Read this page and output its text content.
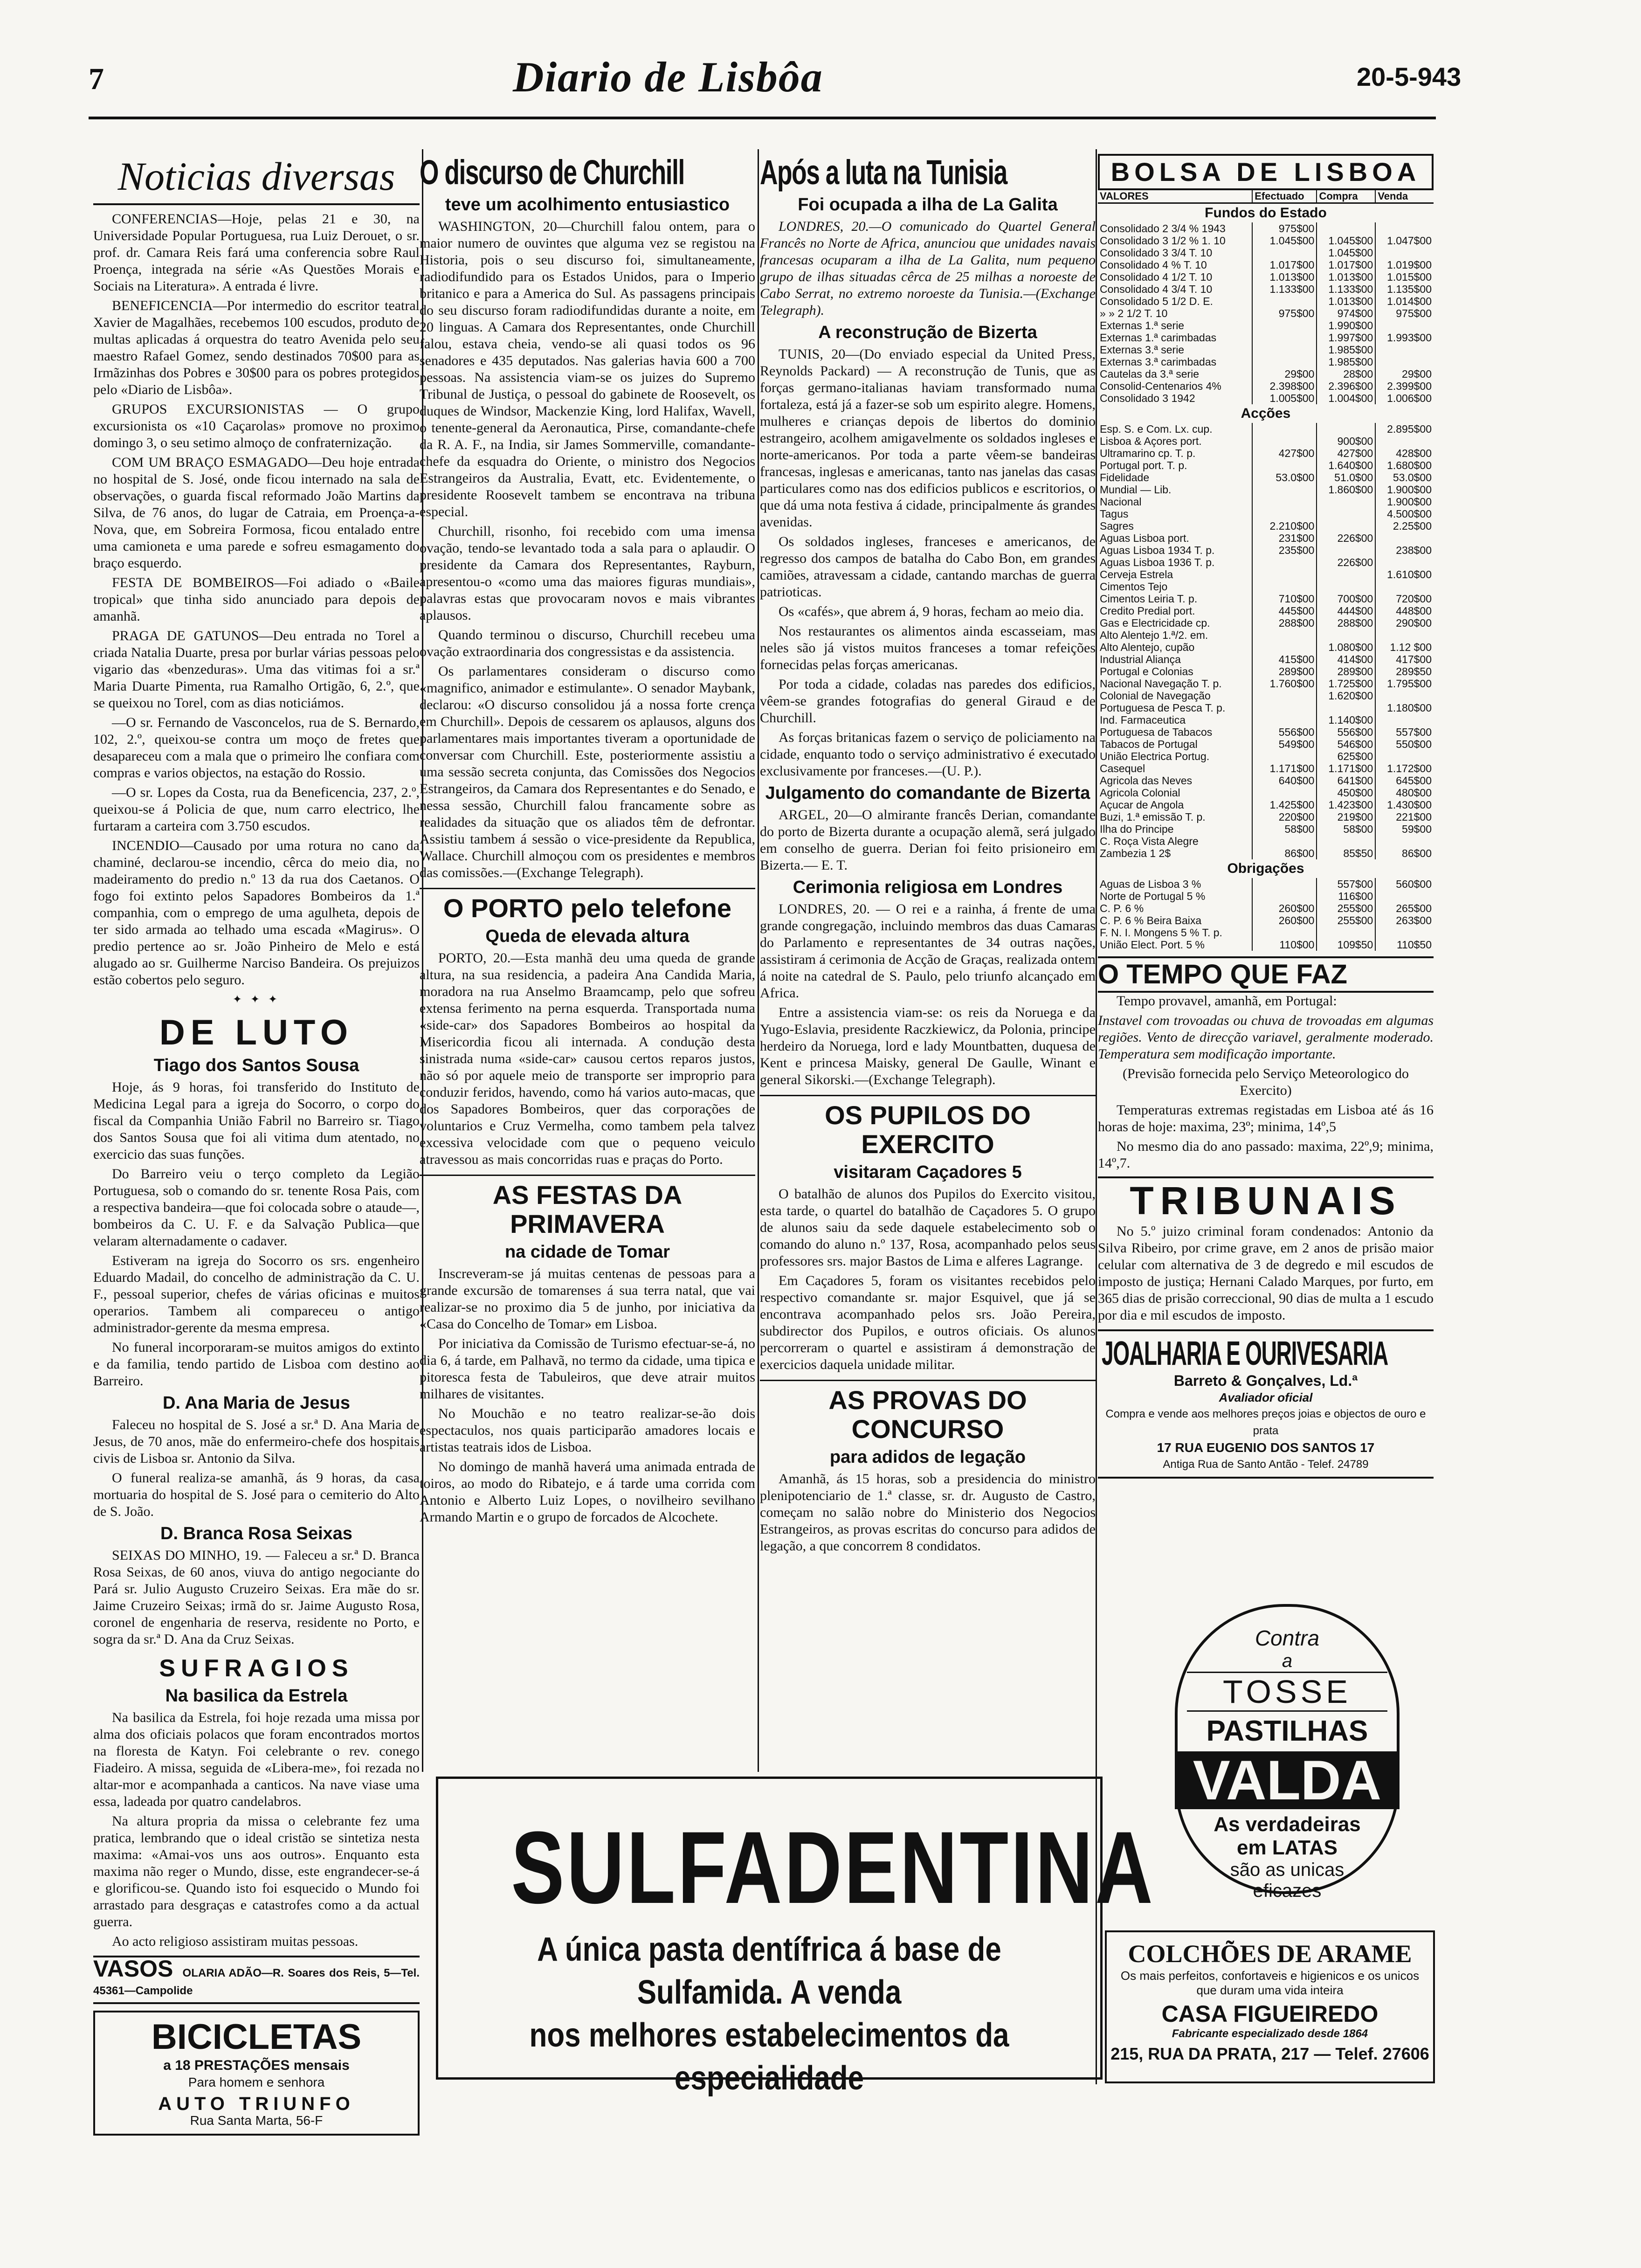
7	Diario de Lisbôa	20-5-943
Noticias diversas

CONFERENCIAS—Hoje, pelas 21 e 30, na Universidade Popular Portuguesa, rua Luiz Derouet, o sr. prof. dr. Camara Reis fará uma conferencia sobre Raul Proença, integrada na série «As Questões Morais e Sociais na Literatura». A entrada é livre.

BENEFICENCIA—Por intermedio do escritor teatral Xavier de Magalhães, recebemos 100 escudos, produto de multas aplicadas á orquestra do teatro Avenida pelo seu maestro Rafael Gomez, sendo destinados 70$00 para as Irmãzinhas dos Pobres e 30$00 para os pobres protegidos pelo «Diario de Lisbôa».

GRUPOS EXCURSIONISTAS — O grupo excursionista os «10 Caçarolas» promove no proximo domingo 3, o seu setimo almoço de confraternização.

COM UM BRAÇO ESMAGADO—Deu hoje entrada no hospital de S. José, onde ficou internado na sala de observações, o guarda fiscal reformado João Martins da Silva, de 76 anos, do lugar de Catraia, em Proença-a-Nova, que, em Sobreira Formosa, ficou entalado entre uma camioneta e uma parede e sofreu esmagamento do braço esquerdo.

FESTA DE BOMBEIROS—Foi adiado o «Baile tropical» que tinha sido anunciado para depois de amanhã.

PRAGA DE GATUNOS—Deu entrada no Torel a criada Natalia Duarte, presa por burlar várias pessoas pelo vigario das «benzeduras». Uma das vitimas foi a sr.ª Maria Duarte Pimenta, rua Ramalho Ortigão, 6, 2.º, que se queixou no Torel, com as dias noticiámos.

—O sr. Fernando de Vasconcelos, rua de S. Bernardo, 102, 2.º, queixou-se contra um moço de fretes que desapareceu com a mala que o primeiro lhe confiara com compras e varios objectos, na estação do Rossio.

—O sr. Lopes da Costa, rua da Beneficencia, 237, 2.º, queixou-se á Policia de que, num carro electrico, lhe furtaram a carteira com 3.750 escudos.

INCENDIO—Causado por uma rotura no cano da chaminé, declarou-se incendio, cêrca do meio dia, no madeiramento do predio n.º 13 da rua dos Caetanos. O fogo foi extinto pelos Sapadores Bombeiros da 1.ª companhia, com o emprego de uma agulheta, depois de ter sido armada ao telhado uma escada «Magirus». O predio pertence ao sr. João Pinheiro de Melo e está alugado ao sr. Guilherme Narciso Bandeira. Os prejuizos estão cobertos pelo seguro.

✦ ✦ ✦
DE LUTO
Tiago dos Santos Sousa

Hoje, ás 9 horas, foi transferido do Instituto de Medicina Legal para a igreja do Socorro, o corpo do fiscal da Companhia União Fabril no Barreiro sr. Tiago dos Santos Sousa que foi ali vitima dum atentado, no exercicio das suas funções.

Do Barreiro veiu o terço completo da Legião Portuguesa, sob o comando do sr. tenente Rosa Pais, com a respectiva bandeira—que foi colocada sobre o ataude—, bombeiros da C. U. F. e da Salvação Publica—que velaram alternadamente o cadaver.

Estiveram na igreja do Socorro os srs. engenheiro Eduardo Madail, do concelho de administração da C. U. F., pessoal superior, chefes de várias oficinas e muitos operarios. Tambem ali compareceu o antigo administrador-gerente da mesma empresa.

No funeral incorporaram-se muitos amigos do extinto e da familia, tendo partido de Lisboa com destino ao Barreiro.

D. Ana Maria de Jesus

Faleceu no hospital de S. José a sr.ª D. Ana Maria de Jesus, de 70 anos, mãe do enfermeiro-chefe dos hospitais civis de Lisboa sr. Antonio da Silva.

O funeral realiza-se amanhã, ás 9 horas, da casa mortuaria do hospital de S. José para o cemiterio do Alto de S. João.

D. Branca Rosa Seixas

SEIXAS DO MINHO, 19. — Faleceu a sr.ª D. Branca Rosa Seixas, de 60 anos, viuva do antigo negociante do Pará sr. Julio Augusto Cruzeiro Seixas. Era mãe do sr. Jaime Cruzeiro Seixas; irmã do sr. Jaime Augusto Rosa, coronel de engenharia de reserva, residente no Porto, e sogra da sr.ª D. Ana da Cruz Seixas.

SUFRAGIOS
Na basilica da Estrela

Na basilica da Estrela, foi hoje rezada uma missa por alma dos oficiais polacos que foram encontrados mortos na floresta de Katyn. Foi celebrante o rev. conego Fiadeiro. A missa, seguida de «Libera-me», foi rezada no altar-mor e acompanhada a canticos. Na nave viase uma essa, ladeada por quatro candelabros.

Na altura propria da missa o celebrante fez uma pratica, lembrando que o ideal cristão se sintetiza nesta maxima: «Amai-vos uns aos outros». Enquanto esta maxima não reger o Mundo, disse, este engrandecer-se-á e glorificou-se. Quando isto foi esquecido o Mundo foi arrastado para desgraças e catastrofes como a da actual guerra.

Ao acto religioso assistiram muitas pessoas.

VASOS OLARIA ADÃO—R. Soares dos Reis, 5—Tel. 45361—Campolide
BICICLETAS
a 18 PRESTAÇÕES mensais
Para homem e senhora
AUTO TRIUNFO
Rua Santa Marta, 56-F
O discurso de Churchill
teve um acolhimento entusiastico

WASHINGTON, 20—Churchill falou ontem, para o maior numero de ouvintes que alguma vez se registou na Historia, pois o seu discurso foi, simultaneamente, radiodifundido para os Estados Unidos, para o Imperio britanico e para a America do Sul. As passagens principais do seu discurso foram radiodifundidas durante a noite, em 20 linguas. A Camara dos Representantes, onde Churchill falou, estava cheia, vendo-se ali quasi todos os 96 senadores e 435 deputados. Nas galerias havia 600 a 700 pessoas. Na assistencia viam-se os juizes do Supremo Tribunal de Justiça, o pessoal do gabinete de Roosevelt, os duques de Windsor, Mackenzie King, lord Halifax, Wavell, o tenente-general da Aeronautica, Pirse, comandante-chefe da R. A. F., na India, sir James Sommerville, comandante-chefe da esquadra do Oriente, o ministro dos Negocios Estrangeiros da Australia, Evatt, etc. Evidentemente, o presidente Roosevelt tambem se encontrava na tribuna especial.

Churchill, risonho, foi recebido com uma imensa ovação, tendo-se levantado toda a sala para o aplaudir. O presidente da Camara dos Representantes, Rayburn, apresentou-o «como uma das maiores figuras mundiais», palavras estas que provocaram novos e mais vibrantes aplausos.

Quando terminou o discurso, Churchill recebeu uma ovação extraordinaria dos congressistas e da assistencia.

Os parlamentares consideram o discurso como «magnifico, animador e estimulante». O senador Maybank, declarou: «O discurso consolidou já a nossa forte crença em Churchill». Depois de cessarem os aplausos, alguns dos parlamentares mais importantes tiveram a oportunidade de conversar com Churchill. Este, posteriormente assistiu a uma sessão secreta conjunta, das Comissões dos Negocios Estrangeiros, da Camara dos Representantes e do Senado, e nessa sessão, Churchill falou francamente sobre as realidades da situação que os aliados têm de defrontar. Assistiu tambem á sessão o vice-presidente da Republica, Wallace. Churchill almoçou com os presidentes e membros das comissões.—(Exchange Telegraph).

O PORTO pelo telefone
Queda de elevada altura

PORTO, 20.—Esta manhã deu uma queda de grande altura, na sua residencia, a padeira Ana Candida Maria, moradora na rua Anselmo Braamcamp, pelo que sofreu extensa ferimento na perna esquerda. Transportada numa «side-car» dos Sapadores Bombeiros ao hospital da Misericordia ficou ali internada. A condução desta sinistrada numa «side-car» causou certos reparos justos, não só por aquele meio de transporte ser improprio para conduzir feridos, havendo, como há varios auto-macas, que dos Sapadores Bombeiros, quer das corporações de voluntarios e Cruz Vermelha, como tambem pela talvez excessiva velocidade com que o pequeno veiculo atravessou as mais concorridas ruas e praças do Porto.

AS FESTAS DA PRIMAVERA
na cidade de Tomar

Inscreveram-se já muitas centenas de pessoas para a grande excursão de tomarenses á sua terra natal, que vai realizar-se no proximo dia 5 de junho, por iniciativa da «Casa do Concelho de Tomar» em Lisboa.

Por iniciativa da Comissão de Turismo efectuar-se-á, no dia 6, á tarde, em Palhavã, no termo da cidade, uma tipica e pitoresca festa de Tabuleiros, que deve atrair muitos milhares de visitantes.

No Mouchão e no teatro realizar-se-ão dois espectaculos, nos quais participarão amadores locais e artistas teatrais idos de Lisboa.

No domingo de manhã haverá uma animada entrada de toiros, ao modo do Ribatejo, e á tarde uma corrida com Antonio e Alberto Luiz Lopes, o novilheiro sevilhano Armando Martin e o grupo de forcados de Alcochete.

Após a luta na Tunisia
Foi ocupada a ilha de La Galita

LONDRES, 20.—O comunicado do Quartel General Francês no Norte de Africa, anunciou que unidades navais francesas ocuparam a ilha de La Galita, num pequeno grupo de ilhas situadas cêrca de 25 milhas a noroeste de Cabo Serrat, no extremo noroeste da Tunisia.—(Exchange Telegraph).

A reconstrução de Bizerta

TUNIS, 20—(Do enviado especial da United Press, Reynolds Packard) — A reconstrução de Tunis, que as forças germano-italianas haviam transformado numa fortaleza, está já a fazer-se sob um espirito alegre. Homens, mulheres e crianças depois de libertos do dominio estrangeiro, acolhem amigavelmente os soldados ingleses e norte-americanos. Por toda a parte vêem-se bandeiras francesas, inglesas e americanas, tanto nas janelas das casas particulares como nas dos edificios publicos e escritorios, o que dá uma nota festiva á cidade, principalmente ás grandes avenidas.

Os soldados ingleses, franceses e americanos, de regresso dos campos de batalha do Cabo Bon, em grandes camiões, atravessam a cidade, cantando marchas de guerra patrioticas.

Os «cafés», que abrem á, 9 horas, fecham ao meio dia.

Nos restaurantes os alimentos ainda escasseiam, mas neles são já vistos muitos franceses a tomar refeições fornecidas pelas forças americanas.

Por toda a cidade, coladas nas paredes dos edificios, vêem-se grandes fotografias do general Giraud e de Churchill.

As forças britanicas fazem o serviço de policiamento na cidade, enquanto todo o serviço administrativo é executado exclusivamente por franceses.—(U. P.).

Julgamento do comandante de Bizerta

ARGEL, 20—O almirante francês Derian, comandante do porto de Bizerta durante a ocupação alemã, será julgado em conselho de guerra. Derian foi feito prisioneiro em Bizerta.— E. T.

Cerimonia religiosa em Londres

LONDRES, 20. — O rei e a rainha, á frente de uma grande congregação, incluindo membros das duas Camaras do Parlamento e representantes de 34 outras nações, assistiram á cerimonia de Acção de Graças, realizada ontem á noite na catedral de S. Paulo, pelo triunfo alcançado em Africa.

Entre a assistencia viam-se: os reis da Noruega e da Yugo-Eslavia, presidente Raczkiewicz, da Polonia, principe herdeiro da Noruega, lord e lady Mountbatten, duquesa de Kent e princesa Maisky, general De Gaulle, Winant e general Sikorski.—(Exchange Telegraph).

OS PUPILOS DO EXERCITO
visitaram Caçadores 5

O batalhão de alunos dos Pupilos do Exercito visitou, esta tarde, o quartel do batalhão de Caçadores 5. O grupo de alunos saiu da sede daquele estabelecimento sob o comando do aluno n.º 137, Rosa, acompanhado pelos seus professores srs. major Bastos de Lima e alferes Lagrange.

Em Caçadores 5, foram os visitantes recebidos pelo respectivo comandante sr. major Esquivel, que já se encontrava acompanhado pelos srs. João Pereira, subdirector dos Pupilos, e outros oficiais. Os alunos percorreram o quartel e assistiram á demonstração de exercicios daquela unidade militar.

AS PROVAS DO CONCURSO
para adidos de legação

Amanhã, ás 15 horas, sob a presidencia do ministro plenipotenciario de 1.ª classe, sr. dr. Augusto de Castro, começam no salão nobre do Ministerio dos Negocios Estrangeiros, as provas escritas do concurso para adidos de legação, a que concorrem 8 condidatos.

BOLSA DE LISBOA
VALORES	Efectuado	Compra	Venda
Fundos do Estado			
Consolidado 2 3/4 % 1943	975$00		
Consolidado 3 1/2 % 1. 10	1.045$00	1.045$00	1.047$00
Consolidado 3 3/4 T. 10		1.045$00	
Consolidado 4 % T. 10	1.017$00	1.017$00	1.019$00
Consolidado 4 1/2 T. 10	1.013$00	1.013$00	1.015$00
Consolidado 4 3/4 T. 10	1.133$00	1.133$00	1.135$00
Consolidado 5 1/2 D. E.		1.013$00	1.014$00
» » 2 1/2 T. 10	975$00	974$00	975$00
Externas 1.ª serie		1.990$00	
Externas 1.ª carimbadas		1.997$00	1.993$00
Externas 3.ª serie		1.985$00	
Externas 3.ª carimbadas		1.985$00	
Cautelas da 3.ª serie	29$00	28$00	29$00
Consolid-Centenarios 4%	2.398$00	2.396$00	2.399$00
Consolidado 3 1942	1.005$00	1.004$00	1.006$00
Acções			
Esp. S. e Com. Lx. cup.			2.895$00
Lisboa & Açores port.		900$00	
Ultramarino cp. T. p.	427$00	427$00	428$00
Portugal port. T. p.		1.640$00	1.680$00
Fidelidade	53.0$00	51.0$00	53.0$00
Mundial — Lib.		1.860$00	1.900$00
Nacional			1.900$00
Tagus			4.500$00
Sagres	2.210$00		2.25$00
Aguas Lisboa port.	231$00	226$00	
Aguas Lisboa 1934 T. p.	235$00		238$00
Aguas Lisboa 1936 T. p.		226$00	
Cerveja Estrela			1.610$00
Cimentos Tejo			
Cimentos Leiria T. p.	710$00	700$00	720$00
Credito Predial port.	445$00	444$00	448$00
Gas e Electricidade cp.	288$00	288$00	290$00
Alto Alentejo 1.ª/2. em.			
Alto Alentejo, cupão		1.080$00	1.12 $00
Industrial Aliança	415$00	414$00	417$00
Portugal e Colonias	289$00	289$00	289$50
Nacional Navegação T. p.	1.760$00	1.725$00	1.795$00
Colonial de Navegação		1.620$00	
Portuguesa de Pesca T. p.			1.180$00
Ind. Farmaceutica		1.140$00	
Portuguesa de Tabacos	556$00	556$00	557$00
Tabacos de Portugal	549$00	546$00	550$00
União Electrica Portug.		625$00	
Casequel	1.171$00	1.171$00	1.172$00
Agricola das Neves	640$00	641$00	645$00
Agricola Colonial		450$00	480$00
Açucar de Angola	1.425$00	1.423$00	1.430$00
Buzi, 1.ª emissão T. p.	220$00	219$00	221$00
Ilha do Principe	58$00	58$00	59$00
C. Roça Vista Alegre			
Zambezia 1 2$	86$00	85$50	86$00
Obrigações			
Aguas de Lisboa 3 %		557$00	560$00
Norte de Portugal 5 %		116$00	
C. P. 6 %	260$00	255$00	265$00
C. P. 6 % Beira Baixa	260$00	255$00	263$00
F. N. I. Mongens 5 % T. p.			
União Elect. Port. 5 %	110$00	109$50	110$50
O TEMPO QUE FAZ

Tempo provavel, amanhã, em Portugal:

Instavel com trovoadas ou chuva de trovoadas em algumas regiões. Vento de direcção variavel, geralmente moderado. Temperatura sem modificação importante.

(Previsão fornecida pelo Serviço Meteorologico do Exercito)

Temperaturas extremas registadas em Lisboa até ás 16 horas de hoje: maxima, 23º; minima, 14º,5

No mesmo dia do ano passado: maxima, 22º,9; minima, 14º,7.

TRIBUNAIS

No 5.º juizo criminal foram condenados: Antonio da Silva Ribeiro, por crime grave, em 2 anos de prisão maior celular com alternativa de 3 de degredo e mil escudos de imposto de justiça; Hernani Calado Marques, por furto, em 365 dias de prisão correccional, 90 dias de multa a 1 escudo por dia e mil escudos de imposto.

JOALHARIA E OURIVESARIA
Barreto & Gonçalves, Ld.ª
Avaliador oficial
Compra e vende aos melhores preços joias e objectos de ouro e prata
17 RUA EUGENIO DOS SANTOS 17
Antiga Rua de Santo Antão - Telef. 24789
Contra
a
TOSSE
PASTILHAS
VALDA
As verdadeiras
em LATAS
são as unicas
eficazes
COLCHÕES DE ARAME
Os mais perfeitos, confortaveis e higienicos e os unicos que duram uma vida inteira
CASA FIGUEIREDO
Fabricante especializado desde 1864
215, RUA DA PRATA, 217 — Telef. 27606
SULFADENTINA
A única pasta dentífrica á base de Sulfamida. A venda
nos melhores estabelecimentos da especialidade
